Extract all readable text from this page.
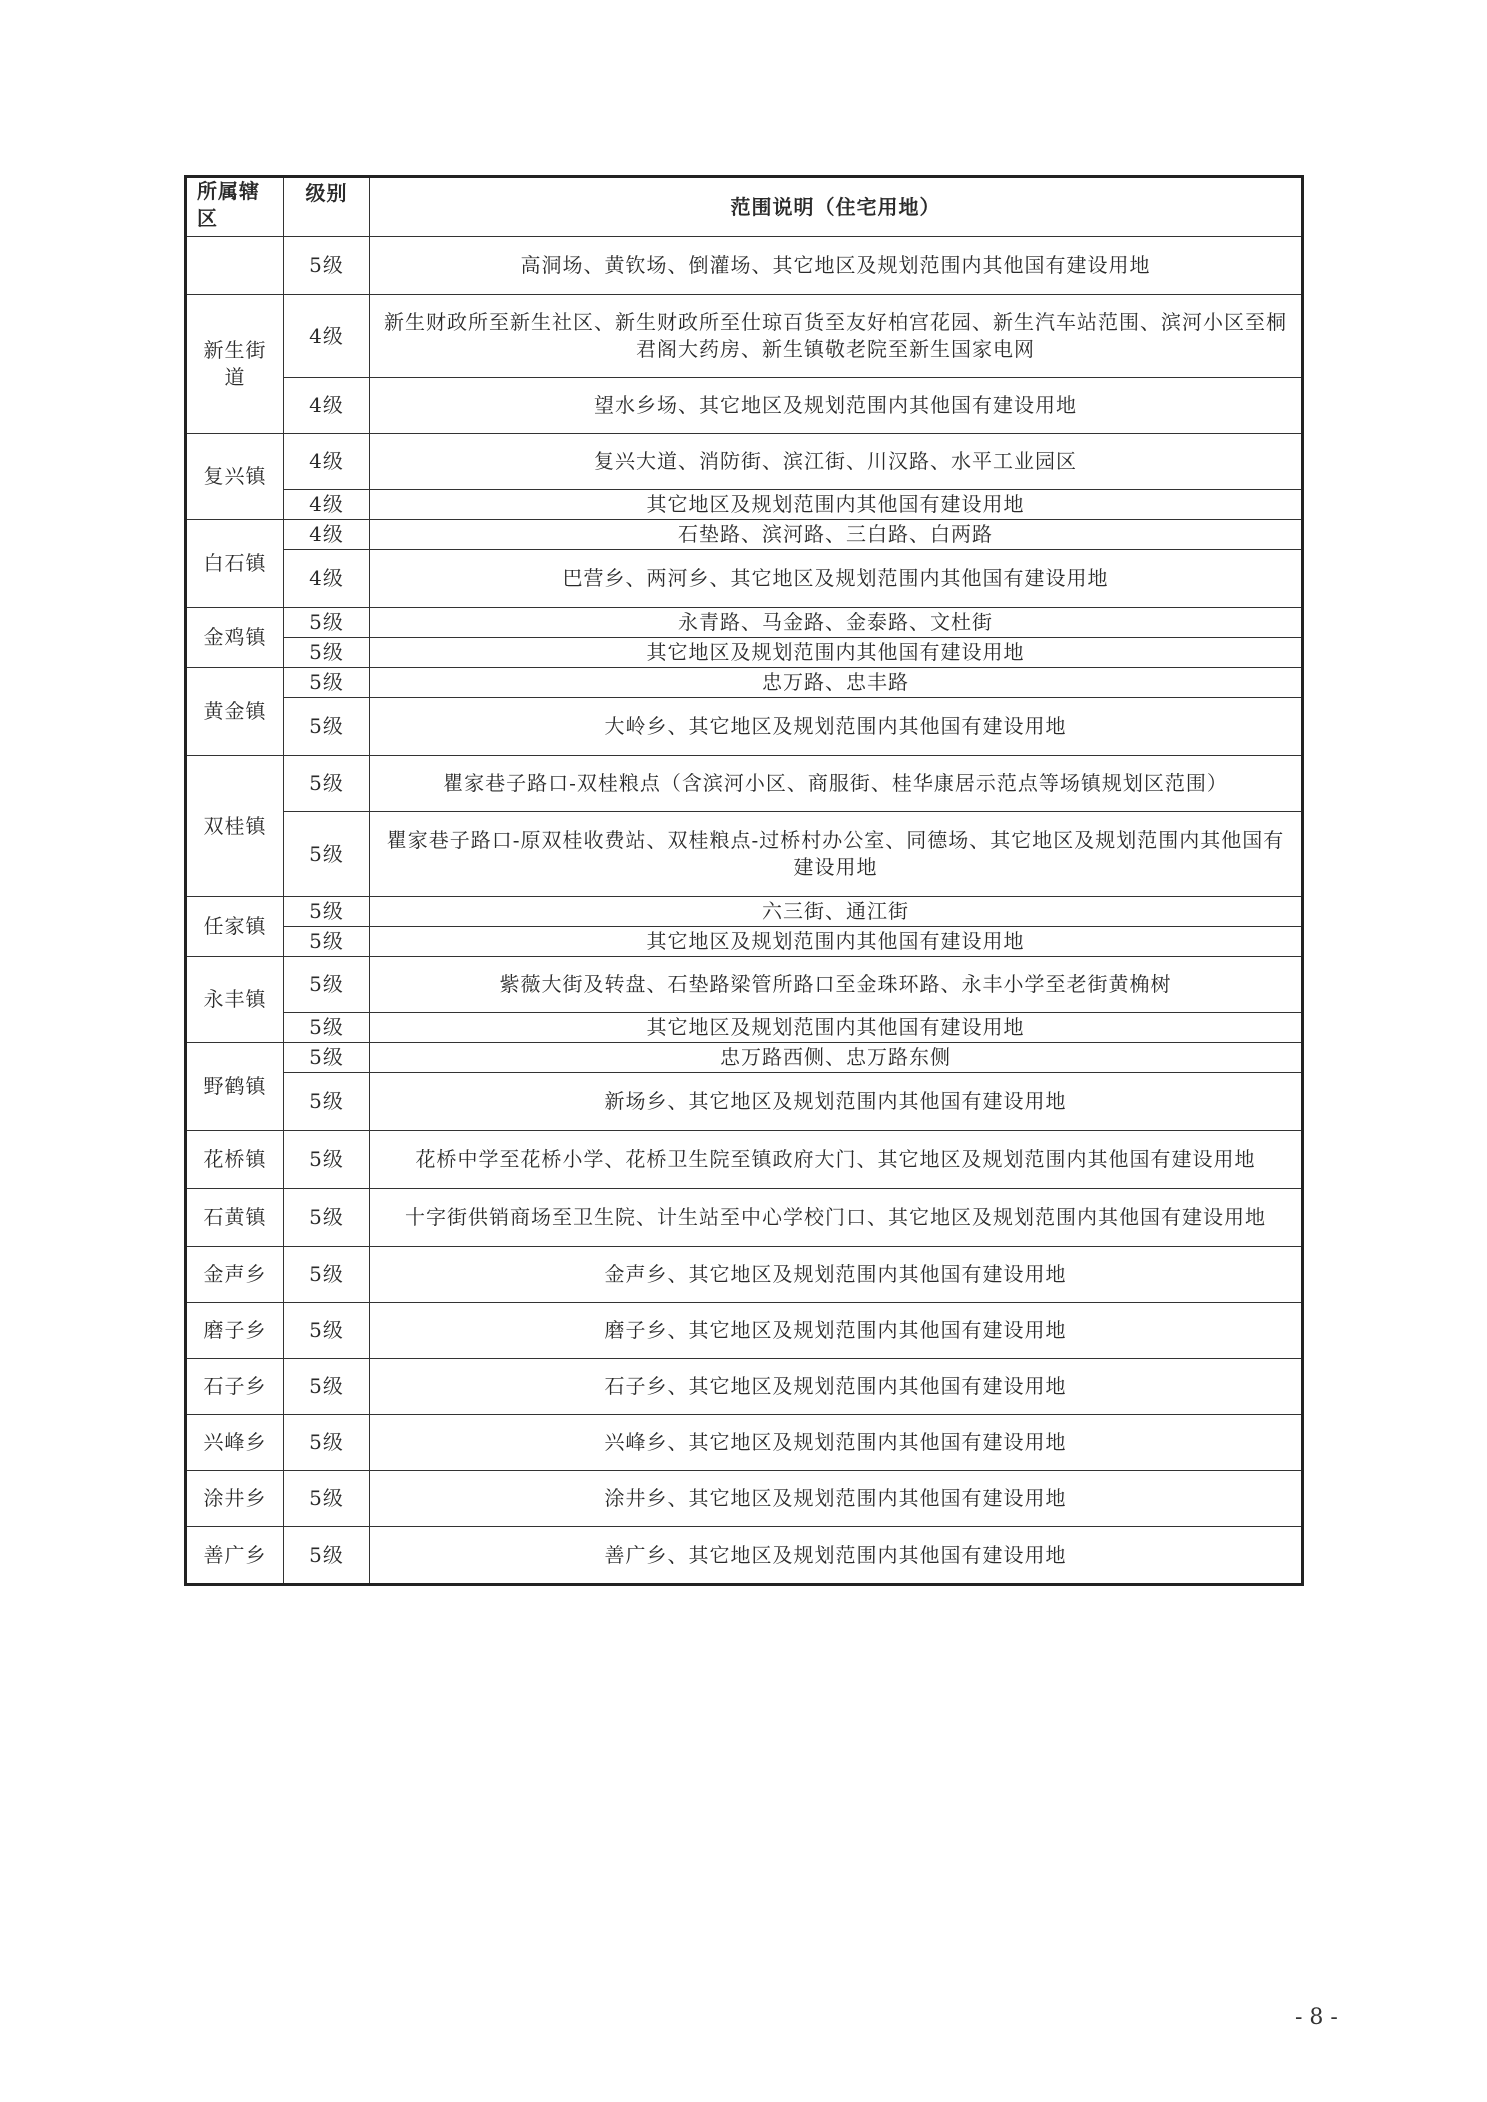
所属辖区	级别	范围说明（住宅用地）
	5级	高洞场、黄钦场、倒灌场、其它地区及规划范围内其他国有建设用地
新生街道	4级	新生财政所至新生社区、新生财政所至仕琼百货至友好柏宫花园、新生汽车站范围、滨河小区至桐君阁大药房、新生镇敬老院至新生国家电网
	4级	望水乡场、其它地区及规划范围内其他国有建设用地
复兴镇	4级	复兴大道、消防街、滨江街、川汉路、水平工业园区
	4级	其它地区及规划范围内其他国有建设用地
白石镇	4级	石垫路、滨河路、三白路、白两路
	4级	巴营乡、两河乡、其它地区及规划范围内其他国有建设用地
金鸡镇	5级	永青路、马金路、金泰路、文杜街
	5级	其它地区及规划范围内其他国有建设用地
黄金镇	5级	忠万路、忠丰路
	5级	大岭乡、其它地区及规划范围内其他国有建设用地
双桂镇	5级	瞿家巷子路口-双桂粮点（含滨河小区、商服街、桂华康居示范点等场镇规划区范围）
	5级	瞿家巷子路口-原双桂收费站、双桂粮点-过桥村办公室、同德场、其它地区及规划范围内其他国有建设用地
任家镇	5级	六三街、通江街
	5级	其它地区及规划范围内其他国有建设用地
永丰镇	5级	紫薇大街及转盘、石垫路梁管所路口至金珠环路、永丰小学至老街黄桷树
	5级	其它地区及规划范围内其他国有建设用地
野鹤镇	5级	忠万路西侧、忠万路东侧
	5级	新场乡、其它地区及规划范围内其他国有建设用地
花桥镇	5级	花桥中学至花桥小学、花桥卫生院至镇政府大门、其它地区及规划范围内其他国有建设用地
石黄镇	5级	十字街供销商场至卫生院、计生站至中心学校门口、其它地区及规划范围内其他国有建设用地
金声乡	5级	金声乡、其它地区及规划范围内其他国有建设用地
磨子乡	5级	磨子乡、其它地区及规划范围内其他国有建设用地
石子乡	5级	石子乡、其它地区及规划范围内其他国有建设用地
兴峰乡	5级	兴峰乡、其它地区及规划范围内其他国有建设用地
涂井乡	5级	涂井乡、其它地区及规划范围内其他国有建设用地
善广乡	5级	善广乡、其它地区及规划范围内其他国有建设用地
- 8 -
